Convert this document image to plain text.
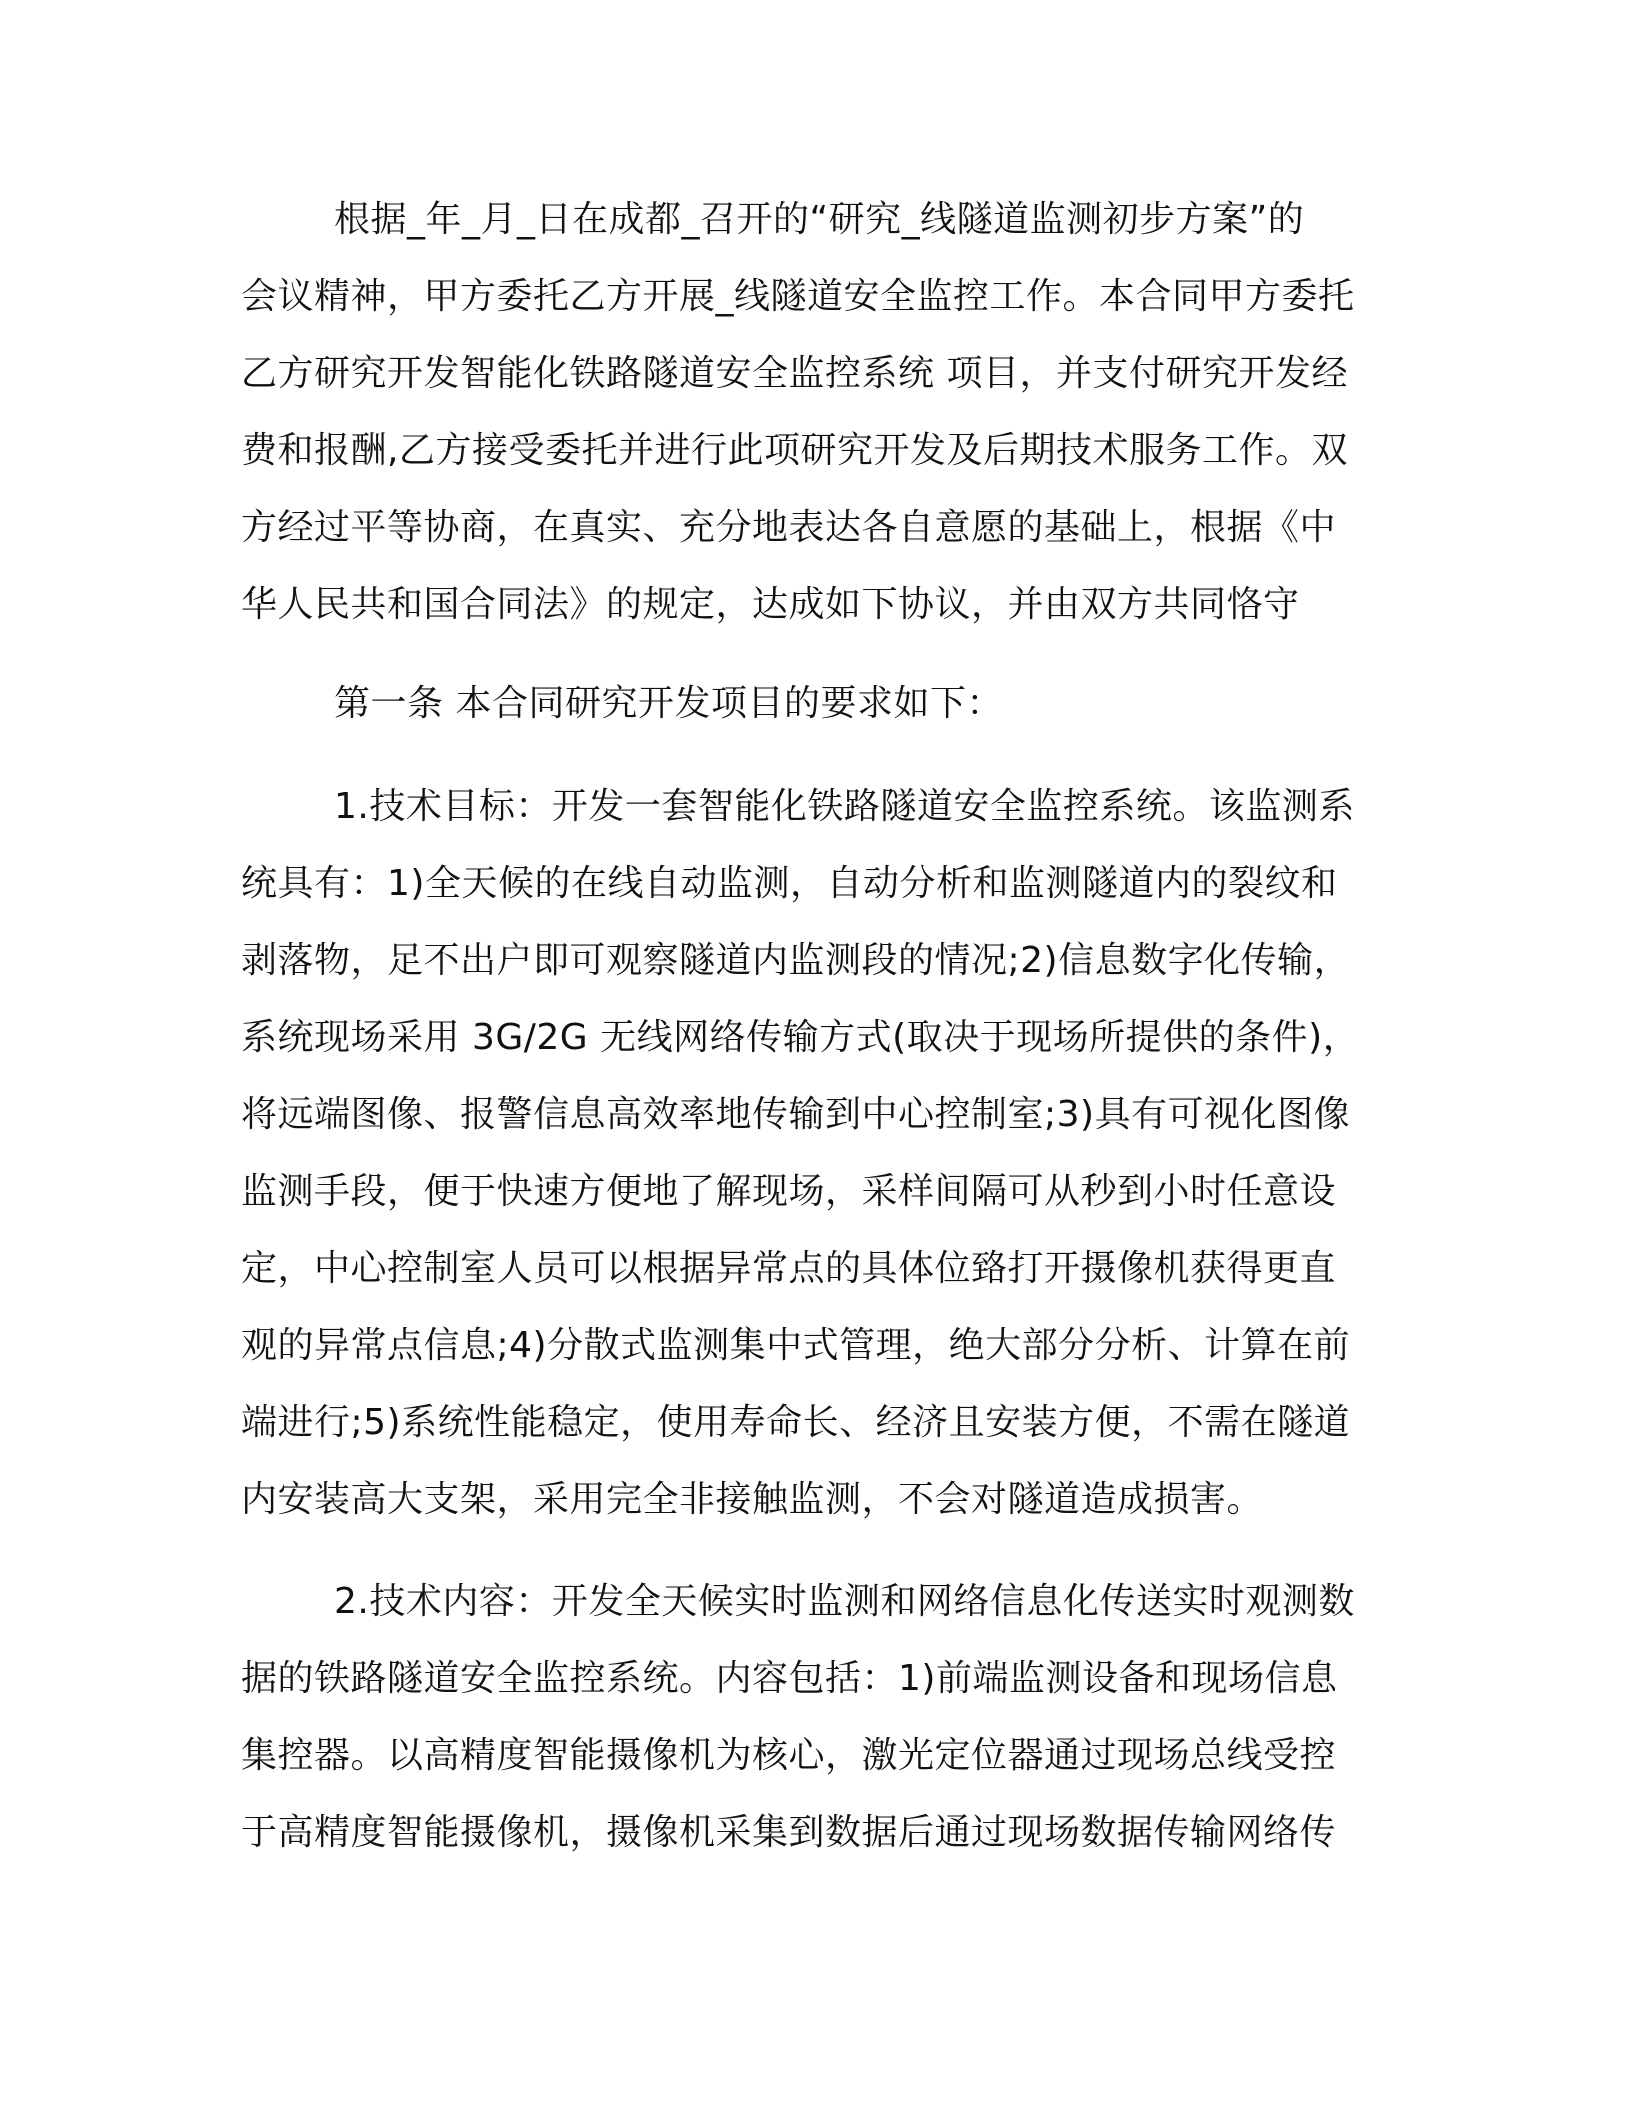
根据_年_月_日在成都_召开的“研究_线隧道监测初步方案”的
会议精神，甲方委托乙方开展_线隧道安全监控工作。本合同甲方委托
乙方研究开发智能化铁路隧道安全监控系统 项目，并支付研究开发经
费和报酬,乙方接受委托并进行此项研究开发及后期技术服务工作。双
方经过平等协商，在真实、充分地表达各自意愿的基础上，根据《中
华人民共和国合同法》的规定，达成如下协议，并由双方共同恪守
第一条 本合同研究开发项目的要求如下：
1.技术目标：开发一套智能化铁路隧道安全监控系统。该监测系
统具有：1)全天候的在线自动监测，自动分析和监测隧道内的裂纹和
剥落物，足不出户即可观察隧道内监测段的情况;2)信息数字化传输，
系统现场采用 3G/2G 无线网络传输方式(取决于现场所提供的条件)，
将远端图像、报警信息高效率地传输到中心控制室;3)具有可视化图像
监测手段，便于快速方便地了解现场，采样间隔可从秒到小时任意设
定，中心控制室人员可以根据异常点的具体位臵打开摄像机获得更直
观的异常点信息;4)分散式监测集中式管理，绝大部分分析、计算在前
端进行;5)系统性能稳定，使用寿命长、经济且安装方便，不需在隧道
内安装高大支架，采用完全非接触监测，不会对隧道造成损害。
2.技术内容：开发全天候实时监测和网络信息化传送实时观测数
据的铁路隧道安全监控系统。内容包括：1)前端监测设备和现场信息
集控器。以高精度智能摄像机为核心，激光定位器通过现场总线受控
于高精度智能摄像机，摄像机采集到数据后通过现场数据传输网络传
